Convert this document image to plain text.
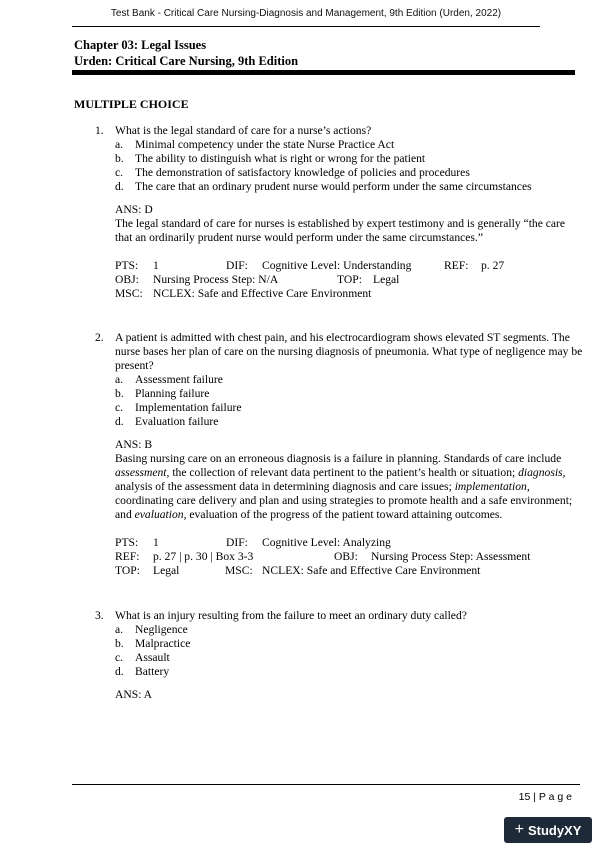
Test Bank - Critical Care Nursing-Diagnosis and Management, 9th Edition (Urden, 2022)
Chapter 03: Legal Issues
Urden: Critical Care Nursing, 9th Edition
MULTIPLE CHOICE
1. What is the legal standard of care for a nurse’s actions?
a.	Minimal competency under the state Nurse Practice Act
b. The ability to distinguish what is right or wrong for the patient
c.	The demonstration of satisfactory knowledge of policies and procedures
d. The care that an ordinary prudent nurse would perform under the same circumstances
ANS: D
The legal standard of care for nurses is established by expert testimony and is generally “the care that an ordinarily prudent nurse would perform under the same circumstances.”
PTS:	1	DIF:	Cognitive Level: Understanding	REF:	p. 27
OBJ:	Nursing Process Step: N/A	TOP: Legal
MSC: NCLEX: Safe and Effective Care Environment
2. A patient is admitted with chest pain, and his electrocardiogram shows elevated ST segments. The nurse bases her plan of care on the nursing diagnosis of pneumonia. What type of negligence may be present?
a.	Assessment failure
b. Planning failure
c.	Implementation failure
d. Evaluation failure
ANS: B
Basing nursing care on an erroneous diagnosis is a failure in planning. Standards of care include assessment, the collection of relevant data pertinent to the patient’s health or situation; diagnosis, analysis of the assessment data in determining diagnosis and care issues; implementation, coordinating care delivery and plan and using strategies to promote health and a safe environment; and evaluation, evaluation of the progress of the patient toward attaining outcomes.
PTS:	1	DIF:	Cognitive Level: Analyzing
REF:	p. 27 | p. 30 | Box 3-3	OBJ:	Nursing Process Step: Assessment
TOP:	Legal	MSC: NCLEX: Safe and Effective Care Environment
3. What is an injury resulting from the failure to meet an ordinary duty called?
a.	Negligence
b. Malpractice
c.	Assault
d. Battery
ANS: A
15 | P a g e
+ StudyXY
